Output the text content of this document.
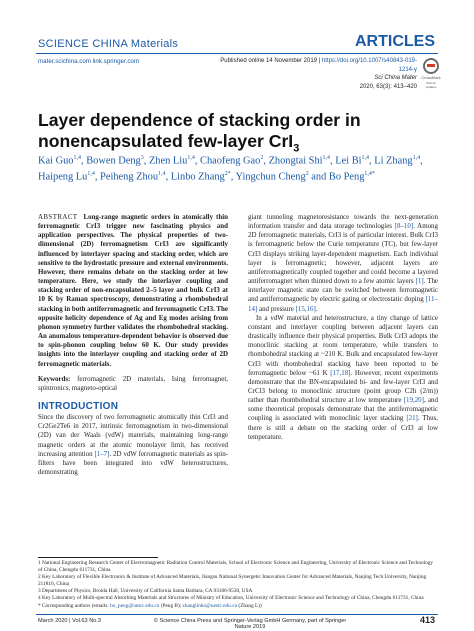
SCIENCE CHINA Materials	ARTICLES
mater.scichina.com link.springer.com	Published online 14 November 2019 | https://doi.org/10.1007/s40843-019-1214-y
Sci China Mater
2020, 63(3): 413–420
CrossMark
click for updates
Layer dependence of stacking order in nonencapsulated few-layer CrI$_3$
Kai Guo$^{1,4}$, Bowen Deng$^3$, Zhen Liu$^{1,4}$, Chaofeng Gao$^2$, Zhongtai Shi$^{1,4}$, Lei Bi$^{1,4}$, Li Zhang$^{1,4}$, Haipeng Lu$^{1,4}$, Peiheng Zhou$^{1,4}$, Linbo Zhang$^{2*}$, Yingchun Cheng$^2$ and Bo Peng$^{1,4*}$
ABSTRACT Long-range magnetic orders in atomically thin ferromagnetic CrI3 trigger new fascinating physics and application perspectives. The physical properties of two-dimensional (2D) ferromagnetism CrI3 are significantly influenced by interlayer spacing and stacking order, which are sensitive to the hydrostatic pressure and external environments. However, there remains debate on the stacking order at low temperature. Here, we study the interlayer coupling and stacking order of non-encapsulated 2–5 layer and bulk CrI3 at 10 K by Raman spectroscopy, demonstrating a rhombohedral stacking in both antiferromagnetic and ferromagnetic CrI3. The opposite helicity dependence of Ag and Eg modes arising from phonon symmetry further validates the rhombohedral stacking. An anomalous temperature-dependent behavior is observed due to spin-phonon coupling below 60 K. Our study provides insights into the interlayer coupling and stacking order of 2D ferromagnetic materials.
Keywords: ferromagnetic 2D materials, Ising ferromagnet, spintronics, magneto-optical
INTRODUCTION
Since the discovery of two ferromagnetic atomically thin CrI3 and Cr2Ge2Te6 in 2017, intrinsic ferromagnetism in two-dimensional (2D) van der Waals (vdW) materials, maintaining long-range magnetic orders at the atomic monolayer limit, has received increasing attention [1–7]. 2D vdW ferromagnetic materials as spin-filters have been integrated into vdW heterostructures, demonstrating
giant tunneling magnetoresistance towards the next-generation information transfer and data storage technologies [8–10]. Among 2D ferromagnetic materials, CrI3 is of particular interest. Bulk CrI3 is ferromagnetic below the Curie temperature (TC), but few-layer CrI3 displays striking layer-dependent magnetism. Each individual layer is ferromagnetic; however, adjacent layers are antiferromagnetically coupled together and could become a layered antiferromagnet when thinned down to a few atomic layers [1]. The interlayer magnetic state can be switched between ferromagnetic and antiferromagnetic by electric gating or electrostatic doping [11–14] and pressure [15,16].
In a vdW material and heterostructure, a tiny change of lattice constant and interlayer coupling between adjacent layers can drastically influence their physical properties. Bulk CrI3 adopts the monoclinic stacking at room temperature, while transfers to rhombohedral stacking at ~210 K. Bulk and encapsulated few-layer CrI3 with rhombohedral stacking have been reported to be ferromagnetic below ~61 K [17,18]. However, recent experiments demonstrate that the BN-encapsulated bi- and few-layer CrI3 and CrCl3 belong to monoclinic structure (point group C2h (2/m)) rather than rhombohedral structure at low temperature [19,20], and some theoretical proposals demonstrate that the antiferromagnetic coupling is associated with monoclinic layer stacking [21]. Thus, there is still a debate on the stacking order of CrI3 at low temperature.
1 National Engineering Research Center of Electromagnetic Radiation Control Materials, School of Electronic Science and Engineering, University of Electronic Science and Technology of China, Chengdu 611731, China
2 Key Laboratory of Flexible Electronics & Institute of Advanced Materials, Jiangsu National Synergetic Innovation Center for Advanced Materials, Nanjing Tech University, Nanjing 211816, China
3 Department of Physics, Broida Hall, University of California Santa Barbara, CA 93106-9530, USA
4 Key Laboratory of Multi-spectral Absorbing Materials and Structures of Ministry of Education, University of Electronic Science and Technology of China, Chengdu 611731, China
* Corresponding authors (emails: bo_peng@uestc.edu.cn (Peng B); zhanglinbo@uestc.edu.cn (Zhang L))
March 2020 | Vol.63 No.3	© Science China Press and Springer-Verlag GmbH Germany, part of Springer Nature 2019
413
